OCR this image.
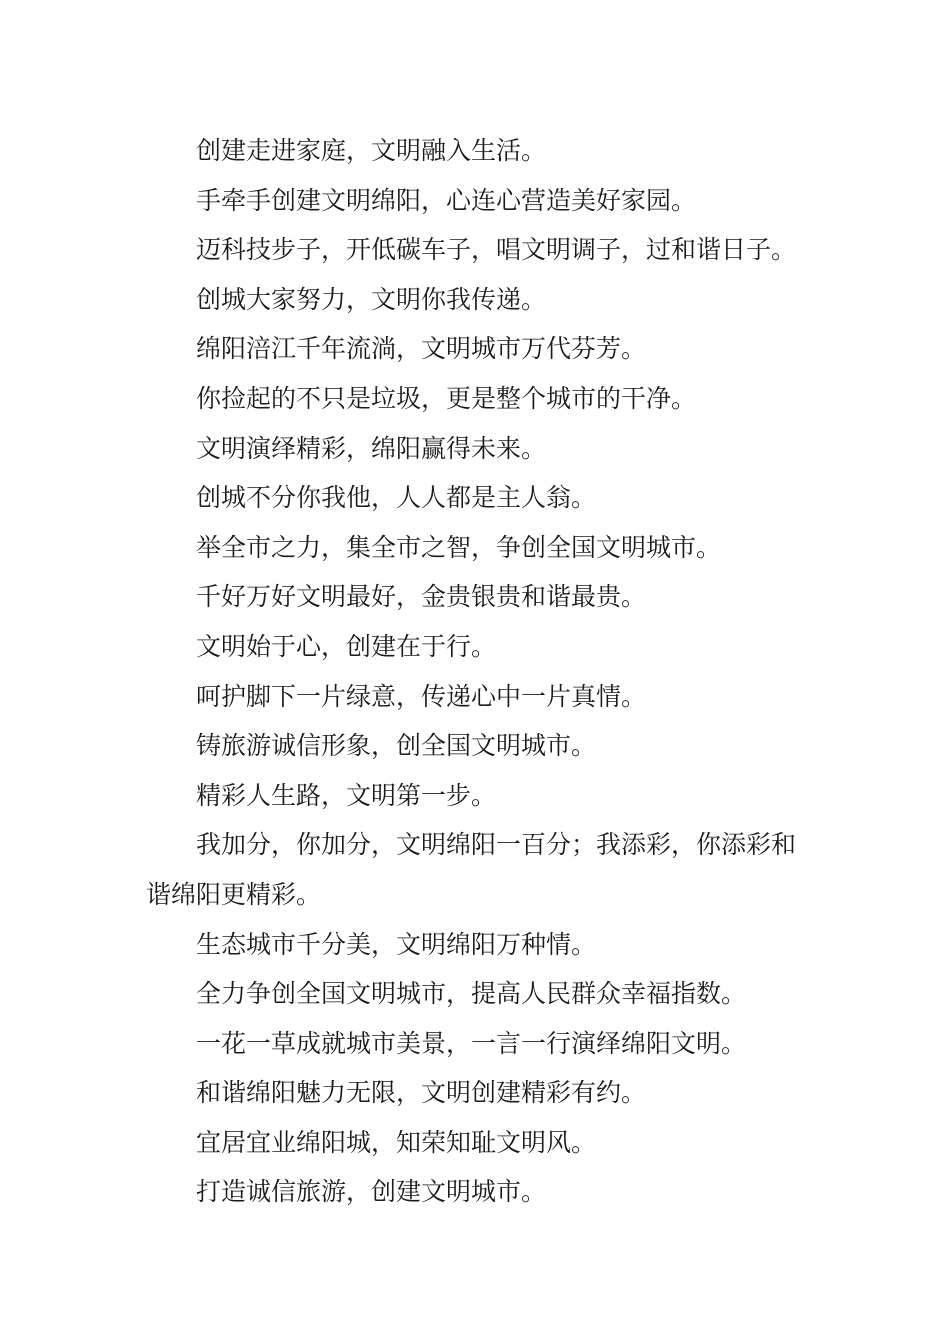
创建走进家庭，文明融入生活。

手牵手创建文明绵阳，心连心营造美好家园。

迈科技步子，开低碳车子，唱文明调子，过和谐日子。

创城大家努力，文明你我传递。

绵阳涪江千年流淌，文明城市万代芬芳。

你捡起的不只是垃圾，更是整个城市的干净。

文明演绎精彩，绵阳赢得未来。

创城不分你我他，人人都是主人翁。

举全市之力，集全市之智，争创全国文明城市。

千好万好文明最好，金贵银贵和谐最贵。

文明始于心，创建在于行。

呵护脚下一片绿意，传递心中一片真情。

铸旅游诚信形象，创全国文明城市。

精彩人生路，文明第一步。

我加分，你加分，文明绵阳一百分；我添彩，你添彩和谐绵阳更精彩。

生态城市千分美，文明绵阳万种情。

全力争创全国文明城市，提高人民群众幸福指数。

一花一草成就城市美景，一言一行演绎绵阳文明。

和谐绵阳魅力无限，文明创建精彩有约。

宜居宜业绵阳城，知荣知耻文明风。

打造诚信旅游，创建文明城市。
